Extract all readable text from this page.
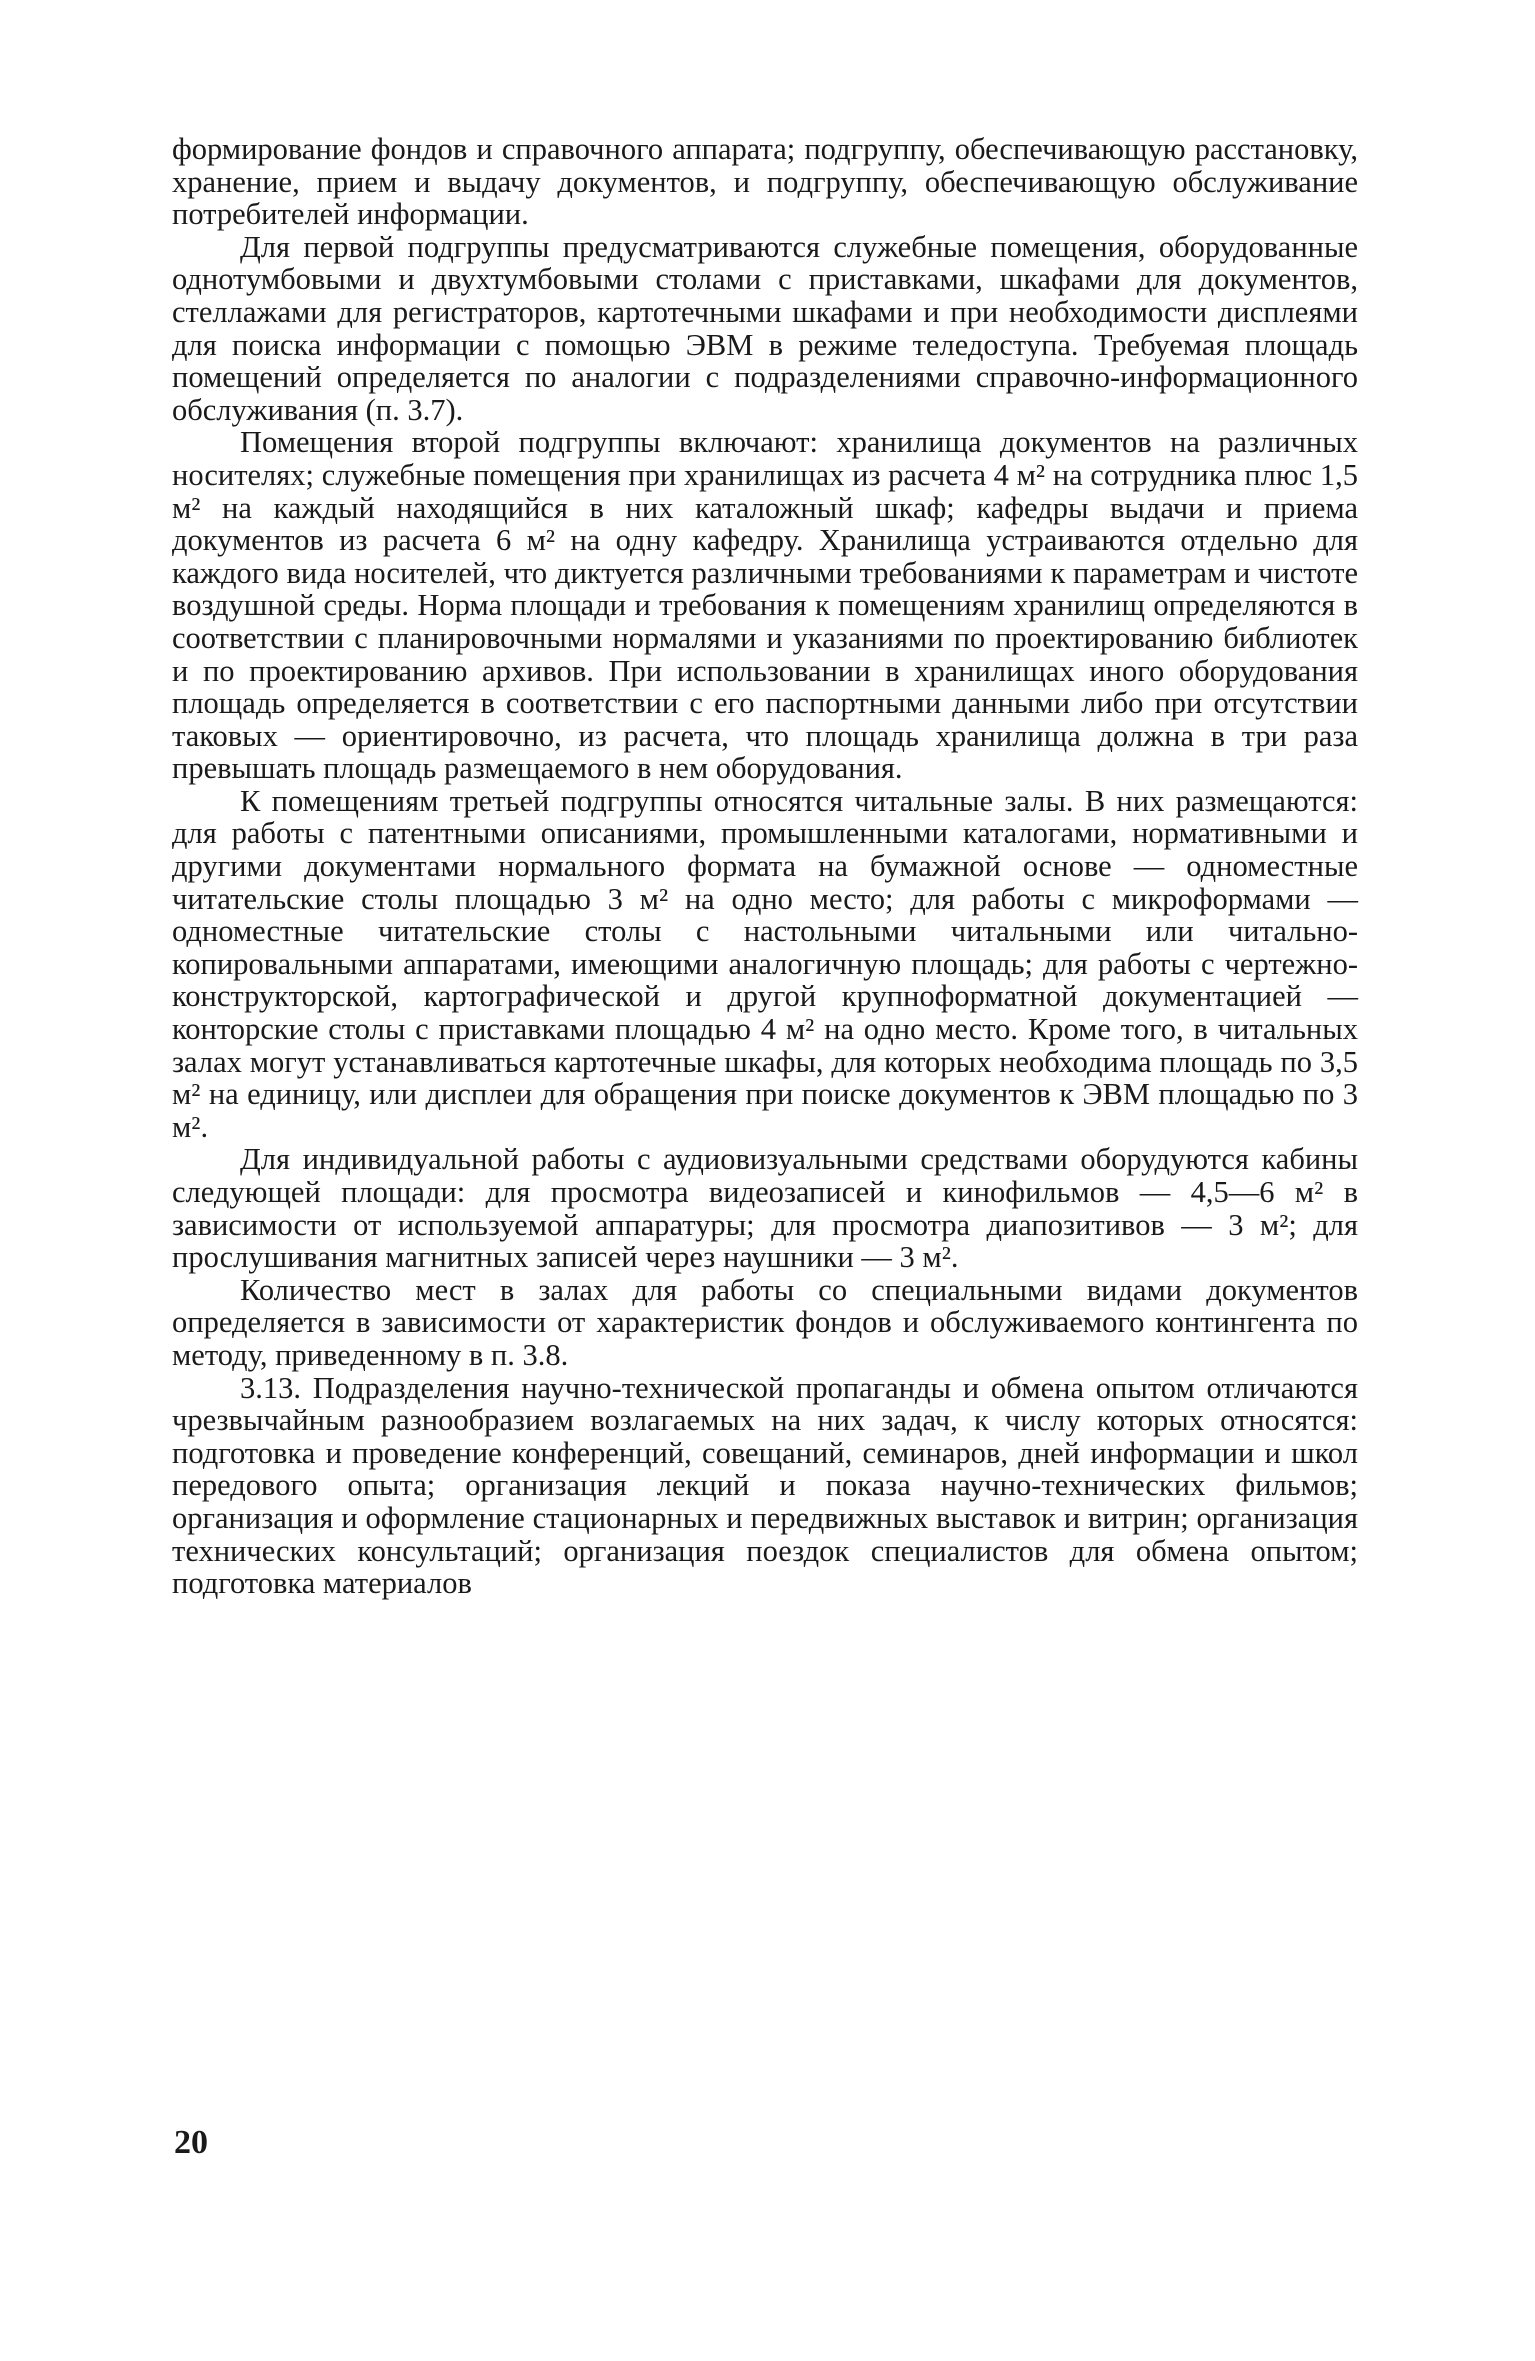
формирование фондов и справочного аппарата; подгруппу, обеспечивающую расстановку, хранение, прием и выдачу документов, и подгруппу, обеспечивающую обслуживание потребителей информации.

Для первой подгруппы предусматриваются служебные помещения, оборудованные однотумбовыми и двухтумбовыми столами с приставками, шкафами для документов, стеллажами для регистраторов, картотечными шкафами и при необходимости дисплеями для поиска информации с помощью ЭВМ в режиме теледоступа. Требуемая площадь помещений определяется по аналогии с подразделениями справочно-информационного обслуживания (п. 3.7).

Помещения второй подгруппы включают: хранилища документов на различных носителях; служебные помещения при хранилищах из расчета 4 м² на сотрудника плюс 1,5 м² на каждый находящийся в них каталожный шкаф; кафедры выдачи и приема документов из расчета 6 м² на одну кафедру. Хранилища устраиваются отдельно для каждого вида носителей, что диктуется различными требованиями к параметрам и чистоте воздушной среды. Норма площади и требования к помещениям хранилищ определяются в соответствии с планировочными нормалями и указаниями по проектированию библиотек и по проектированию архивов. При использовании в хранилищах иного оборудования площадь определяется в соответствии с его паспортными данными либо при отсутствии таковых — ориентировочно, из расчета, что площадь хранилища должна в три раза превышать площадь размещаемого в нем оборудования.

К помещениям третьей подгруппы относятся читальные залы. В них размещаются: для работы с патентными описаниями, промышленными каталогами, нормативными и другими документами нормального формата на бумажной основе — одноместные читательские столы площадью 3 м² на одно место; для работы с микроформами — одноместные читательские столы с настольными читальными или читально-копировальными аппаратами, имеющими аналогичную площадь; для работы с чертежно-конструкторской, картографической и другой крупноформатной документацией — конторские столы с приставками площадью 4 м² на одно место. Кроме того, в читальных залах могут устанавливаться картотечные шкафы, для которых необходима площадь по 3,5 м² на единицу, или дисплеи для обращения при поиске документов к ЭВМ площадью по 3 м².

Для индивидуальной работы с аудиовизуальными средствами оборудуются кабины следующей площади: для просмотра видеозаписей и кинофильмов — 4,5—6 м² в зависимости от используемой аппаратуры; для просмотра диапозитивов — 3 м²; для прослушивания магнитных записей через наушники — 3 м².

Количество мест в залах для работы со специальными видами документов определяется в зависимости от характеристик фондов и обслуживаемого контингента по методу, приведенному в п. 3.8.

3.13. Подразделения научно-технической пропаганды и обмена опытом отличаются чрезвычайным разнообразием возлагаемых на них задач, к числу которых относятся: подготовка и проведение конференций, совещаний, семинаров, дней информации и школ передового опыта; организация лекций и показа научно-технических фильмов; организация и оформление стационарных и передвижных выставок и витрин; организация технических консультаций; организация поездок специалистов для обмена опытом; подготовка материалов

20
